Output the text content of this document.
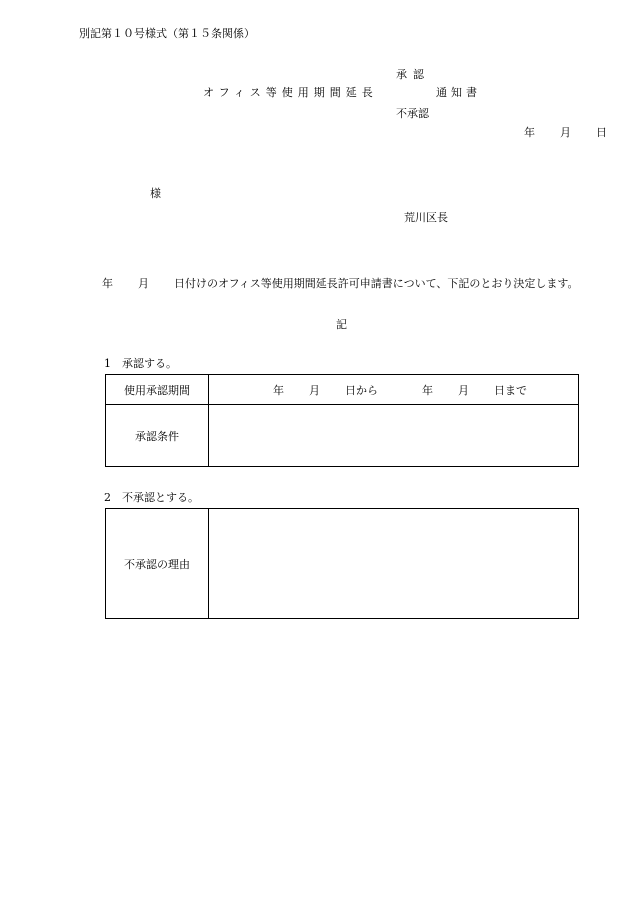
別記第１０号様式（第１５条関係）
承認
オフィス等使用期間延長	通知書
不承認
年 月 日
様
荒川区長
年 月 日付けのオフィス等使用期間延長許可申請書について、下記のとおり決定します。
記
1　承認する。
使用承認期間	年 月 日から 年 月 日まで
承認条件	
2　不承認とする。
不承認の理由	
